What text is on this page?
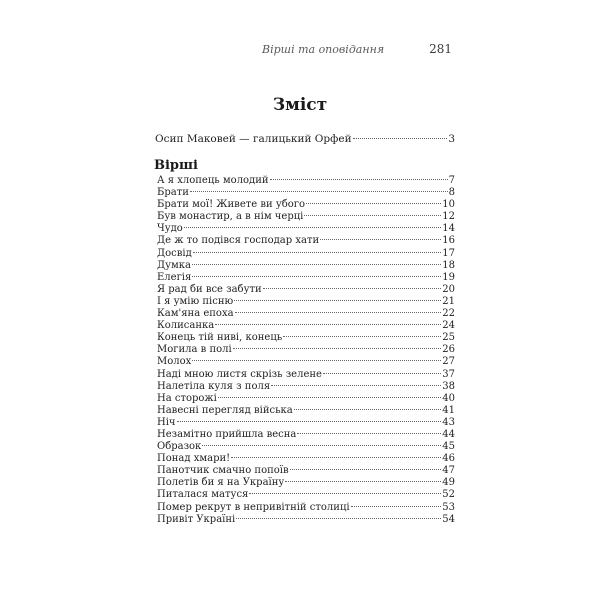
Вірші та оповідання	281
Зміст
Осип Маковей — галицький Орфей	3
Вірші
А я хлопець молодий	7
Брати	8
Брати мої! Живете ви убого	10
Був монастир, а в нім черці	12
Чудо	14
Де ж то подівся господар хати	16
Досвід	17
Думка	18
Елегія	19
Я рад би все забути	20
І я умію пісню	21
Кам'яна епоха	22
Колисанка	24
Конець тій ниві, конець	25
Могила в полі	26
Молох	27
Наді мною листя скрізь зелене	37
Налетіла куля з поля	38
На сторожі	40
Навесні перегляд війська	41
Ніч	43
Незамітно прийшла весна	44
Образок	45
Понад хмари!	46
Панотчик смачно попоїв	47
Полетів би я на Україну	49
Питалася матуся	52
Помер рекрут в непривітній столиці	53
Привіт Україні	54
